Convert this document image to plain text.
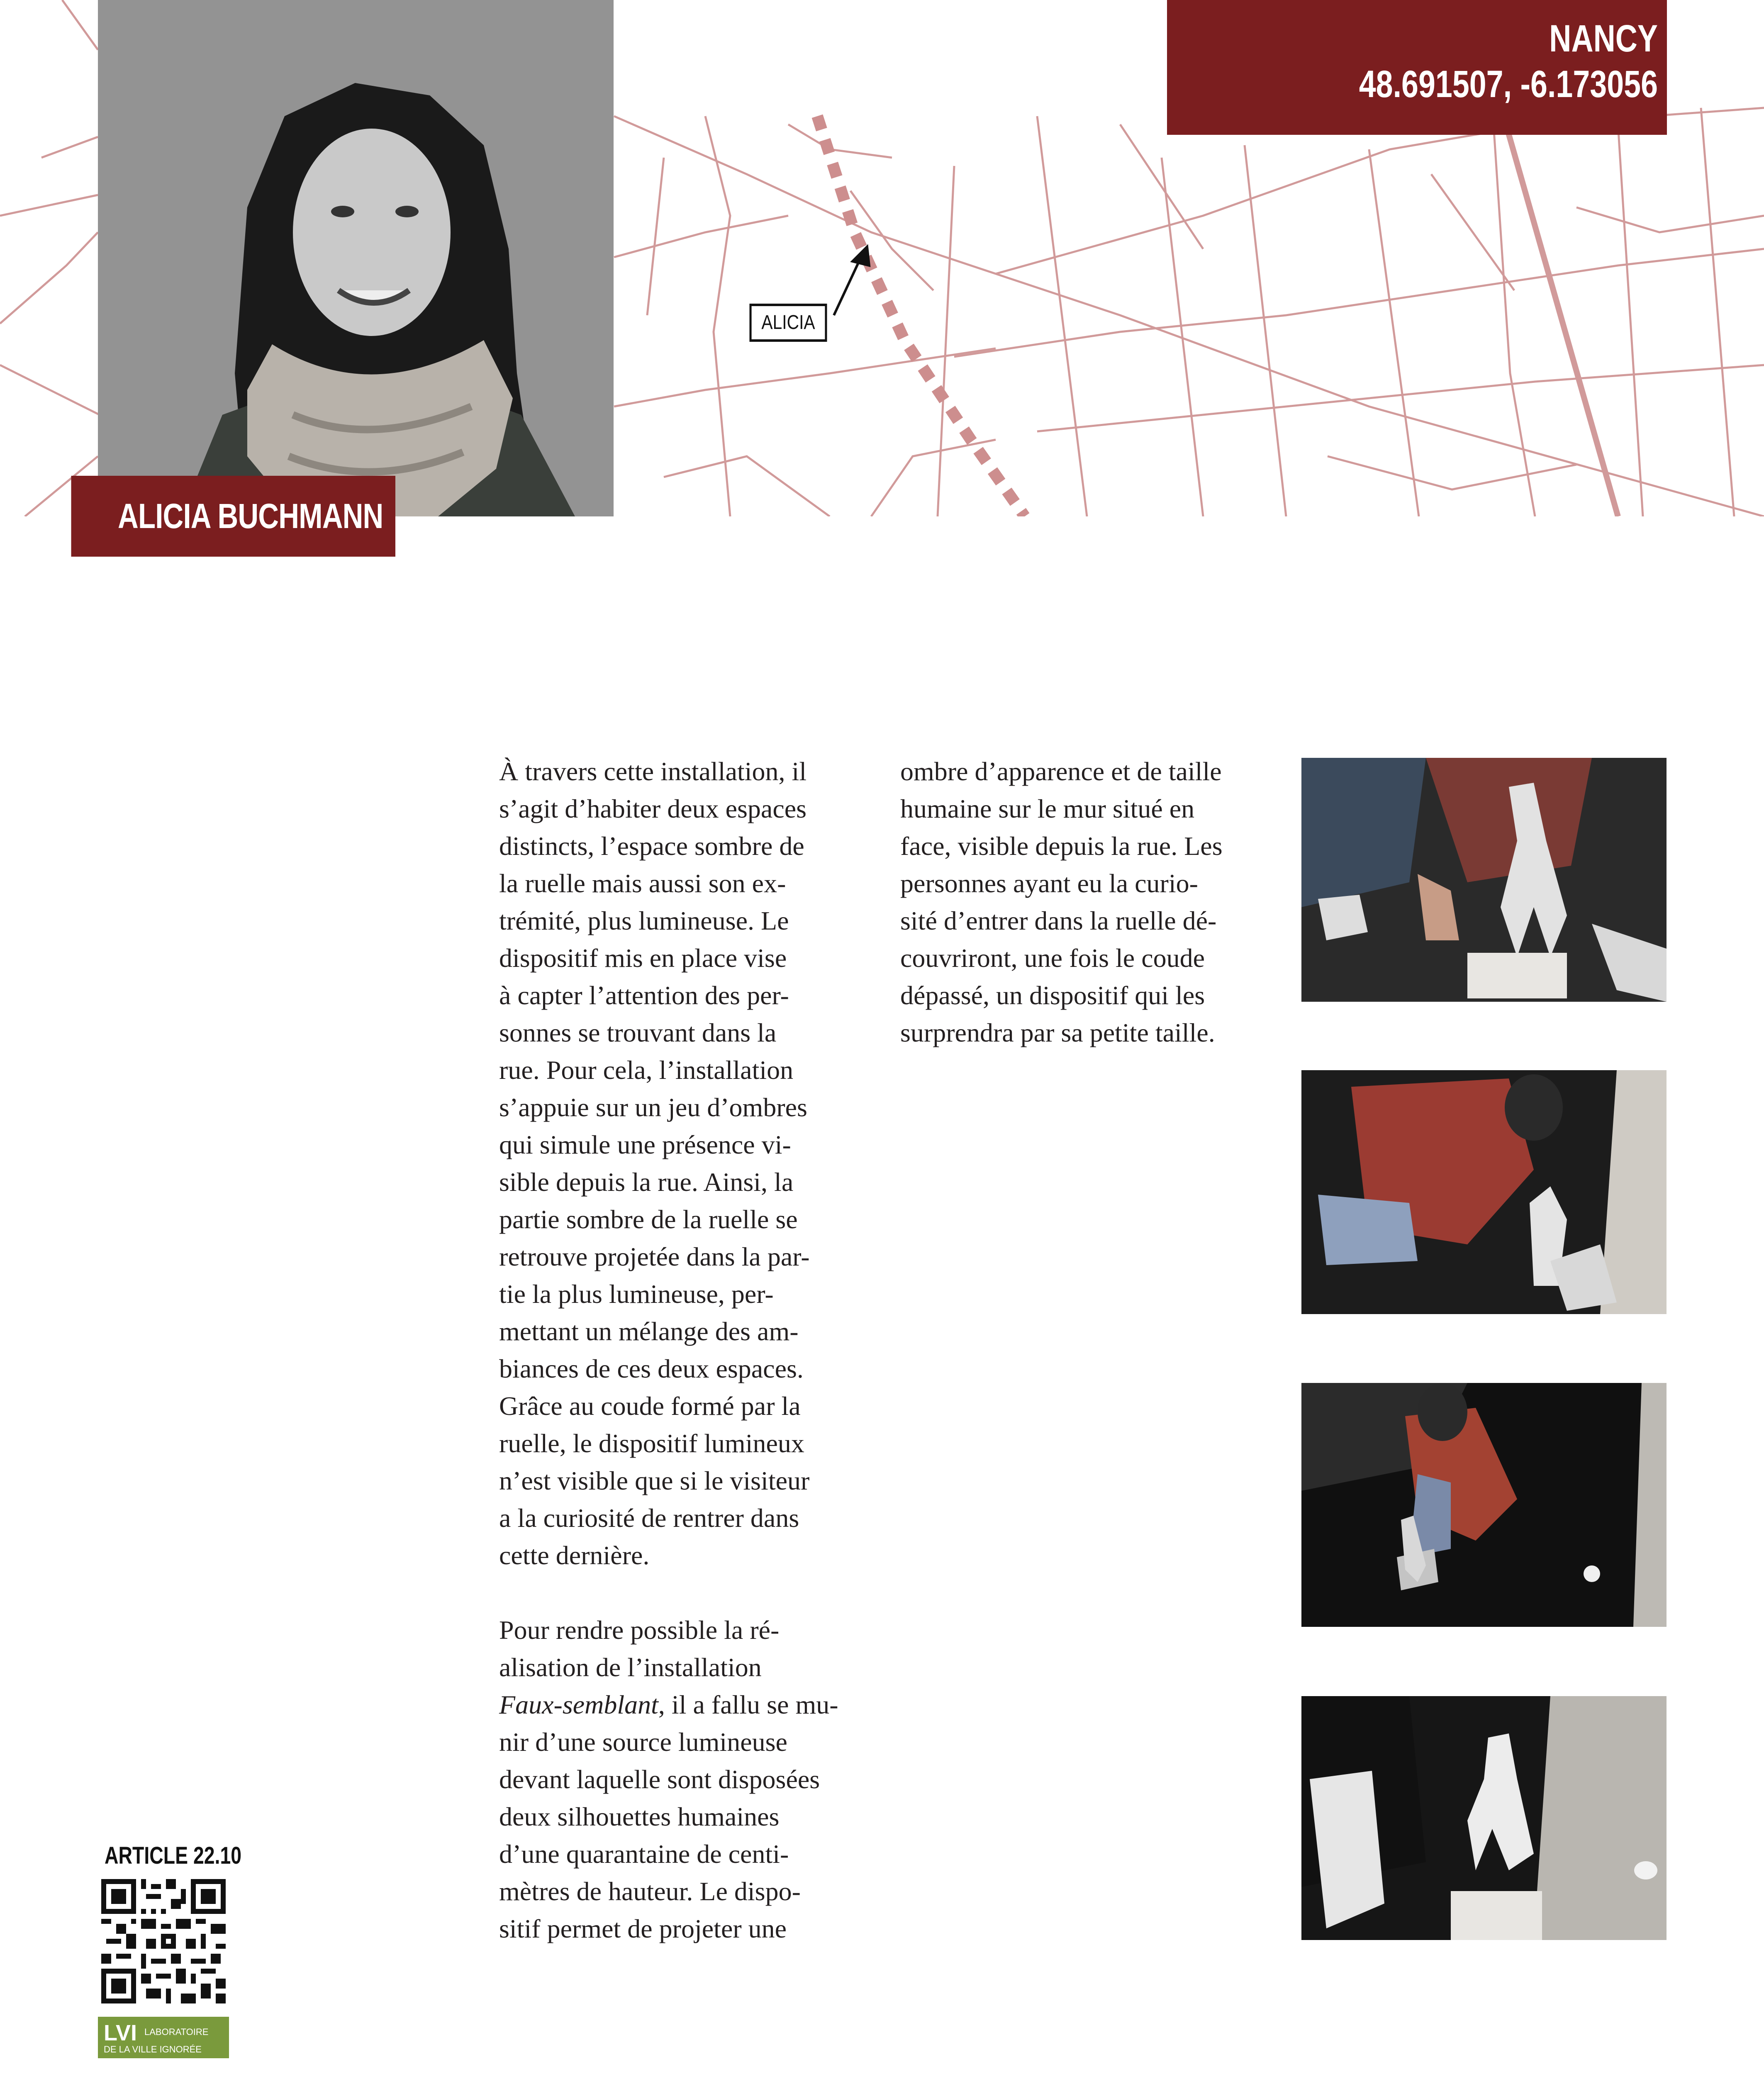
NANCY
48.691507, -6.173056
ALICIA
ALICIA BUCHMANN

À travers cette installation, il
s’agit d’habiter deux espaces
distincts, l’espace sombre de
la ruelle mais aussi son ex-
trémité, plus lumineuse. Le
dispositif mis en place vise
à capter l’attention des per-
sonnes se trouvant dans la
rue. Pour cela, l’installation
s’appuie sur un jeu d’ombres
qui simule une présence vi-
sible depuis la rue. Ainsi, la
partie sombre de la ruelle se
retrouve projetée dans la par-
tie la plus lumineuse, per-
mettant un mélange des am-
biances de ces deux espaces.
Grâce au coude formé par la
ruelle, le dispositif lumineux
n’est visible que si le visiteur
a la curiosité de rentrer dans
cette dernière.

Pour rendre possible la ré-
alisation de l’installation
Faux-semblant, il a fallu se mu-
nir d’une source lumineuse
devant laquelle sont disposées
deux silhouettes humaines
d’une quarantaine de centi-
mètres de hauteur. Le dispo-
sitif permet de projeter une

ombre d’apparence et de taille
humaine sur le mur situé en
face, visible depuis la rue. Les
personnes ayant eu la curio-
sité d’entrer dans la ruelle dé-
couvriront, une fois le coude
dépassé, un dispositif qui les
surprendra par sa petite taille.

ARTICLE 22.10
LVI LABORATOIRE
DE LA VILLE IGNORÉE
